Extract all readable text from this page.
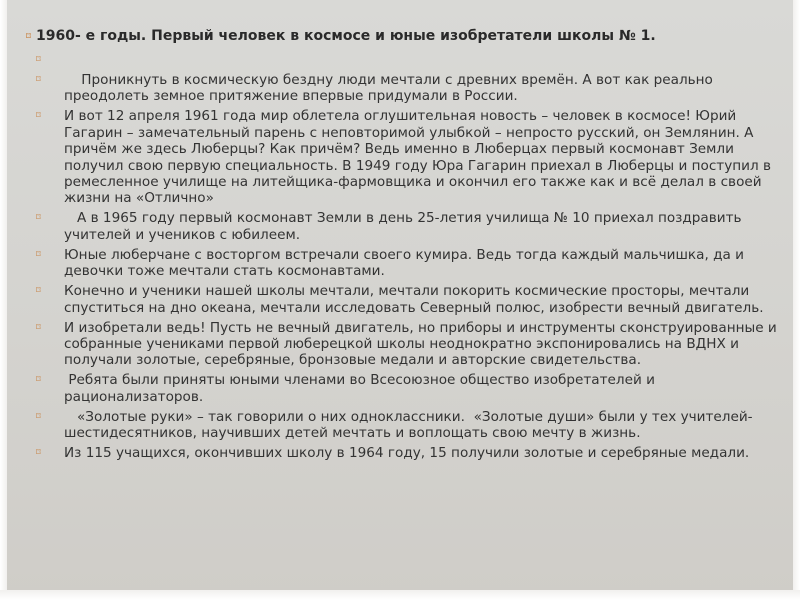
⌑ 1960- е годы. Первый человек в космосе и юные изобретатели школы № 1.
⌑
⌑ Проникнуть в космическую бездну люди мечтали с древних времён. А вот как реально преодолеть земное притяжение впервые придумали в России.
⌑ И вот 12 апреля 1961 года мир облетела оглушительная новость – человек в космосе! Юрий Гагарин – замечательный парень с неповторимой улыбкой – непросто русский, он Землянин. А причём же здесь Люберцы? Как причём? Ведь именно в Люберцах первый космонавт Земли получил свою первую специальность. В 1949 году Юра Гагарин приехал в Люберцы и поступил в ремесленное училище на литейщика-фармовщика и окончил его также как и всё делал в своей жизни на «Отлично»
⌑ А в 1965 году первый космонавт Земли в день 25-летия училища № 10 приехал поздравить учителей и учеников с юбилеем.
⌑ Юные люберчане с восторгом встречали своего кумира. Ведь тогда каждый мальчишка, да и девочки тоже мечтали стать космонавтами.
⌑ Конечно и ученики нашей школы мечтали, мечтали покорить космические просторы, мечтали спуститься на дно океана, мечтали исследовать Северный полюс, изобрести вечный двигатель.
⌑ И изобретали ведь! Пусть не вечный двигатель, но приборы и инструменты сконструированные и собранные учениками первой люберецкой школы неоднократно экспонировались на ВДНХ и получали золотые, серебряные, бронзовые медали и авторские свидетельства.
⌑ Ребята были приняты юными членами во Всесоюзное общество изобретателей и рационализаторов.
⌑ «Золотые руки» – так говорили о них одноклассники.  «Золотые души» были у тех учителей-шестидесятников, научивших детей мечтать и воплощать свою мечту в жизнь.
⌑ Из 115 учащихся, окончивших школу в 1964 году, 15 получили золотые и серебряные медали.
